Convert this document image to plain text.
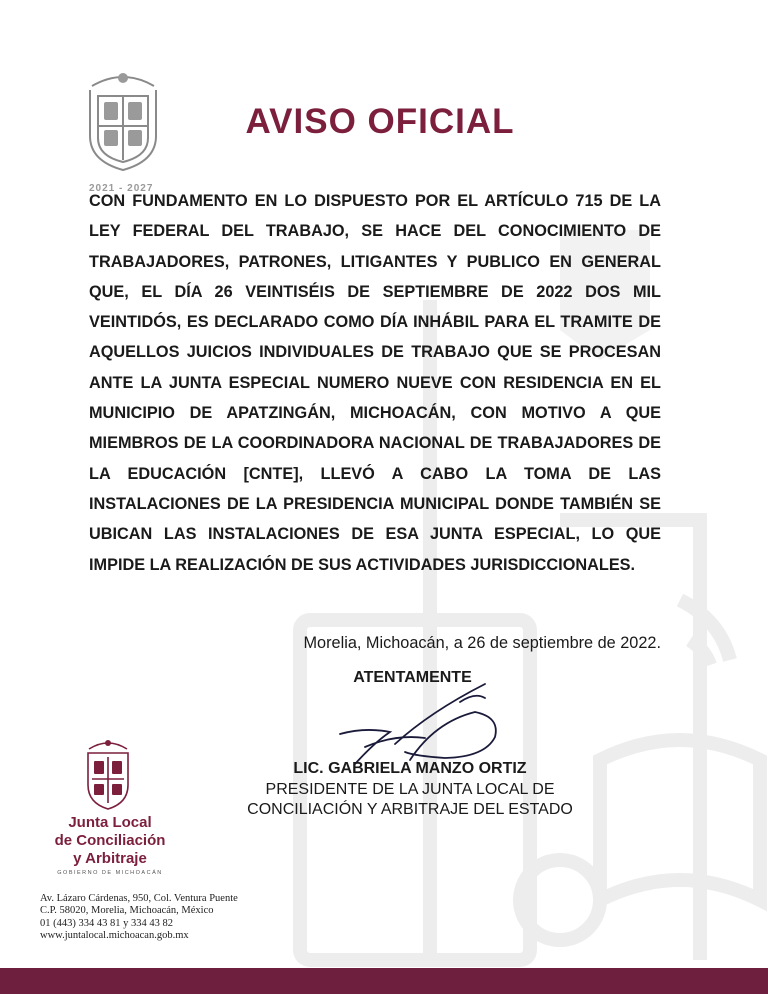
2021 - 2027
AVISO OFICIAL

CON FUNDAMENTO EN LO DISPUESTO POR EL ARTÍCULO 715 DE LA LEY FEDERAL DEL TRABAJO, SE HACE DEL CONOCIMIENTO DE TRABAJADORES, PATRONES, LITIGANTES Y PUBLICO EN GENERAL QUE, EL DÍA 26 VEINTISÉIS DE SEPTIEMBRE DE 2022 DOS MIL VEINTIDÓS, ES DECLARADO COMO DÍA INHÁBIL PARA EL TRAMITE DE AQUELLOS JUICIOS INDIVIDUALES DE TRABAJO QUE SE PROCESAN ANTE LA JUNTA ESPECIAL NUMERO NUEVE CON RESIDENCIA EN EL MUNICIPIO DE APATZINGÁN, MICHOACÁN, CON MOTIVO A QUE MIEMBROS DE LA COORDINADORA NACIONAL DE TRABAJADORES DE LA EDUCACIÓN [CNTE], LLEVÓ A CABO LA TOMA DE LAS INSTALACIONES DE LA PRESIDENCIA MUNICIPAL DONDE TAMBIÉN SE UBICAN LAS INSTALACIONES DE ESA JUNTA ESPECIAL, LO QUE IMPIDE LA REALIZACIÓN DE SUS ACTIVIDADES JURISDICCIONALES.

Morelia, Michoacán, a 26 de septiembre de 2022.
ATENTAMENTE
LIC. GABRIELA MANZO ORTIZ
PRESIDENTE DE LA JUNTA LOCAL DE
CONCILIACIÓN Y ARBITRAJE DEL ESTADO
Junta Local
de Conciliación
y Arbitraje
GOBIERNO DE MICHOACÁN
Av. Lázaro Cárdenas, 950, Col. Ventura Puente
C.P. 58020, Morelia, Michoacán, México
01 (443) 334 43 81 y 334 43 82
www.juntalocal.michoacan.gob.mx
